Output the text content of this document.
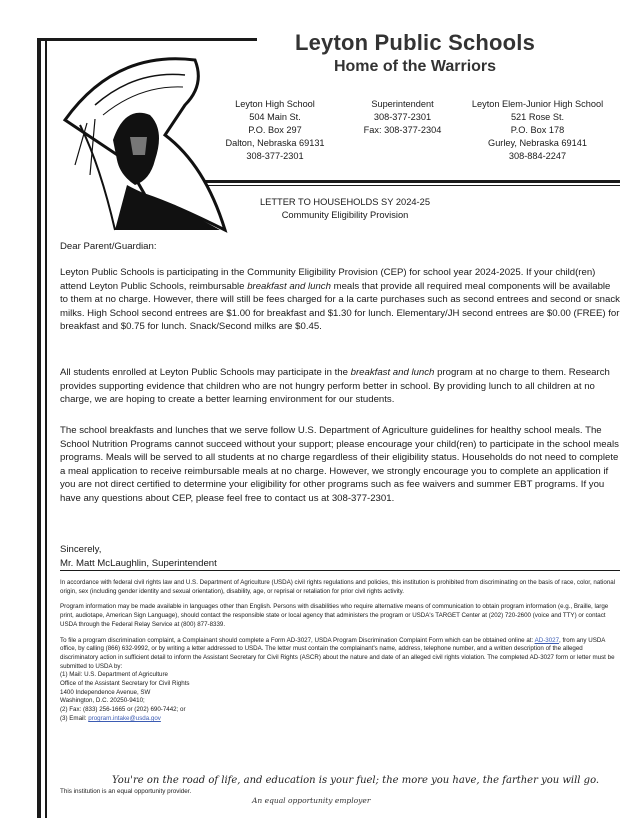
Leyton Public Schools
Home of the Warriors
Leyton High School
504 Main St.
P.O. Box 297
Dalton, Nebraska 69131
308-377-2301
Superintendent
308-377-2301
Fax: 308-377-2304
Leyton Elem-Junior High School
521 Rose St.
P.O. Box 178
Gurley, Nebraska 69141
308-884-2247
LETTER TO HOUSEHOLDS SY 2024-25
Community Eligibility Provision
Dear Parent/Guardian:

Leyton Public Schools is participating in the Community Eligibility Provision (CEP) for school year 2024-2025. If your child(ren) attend Leyton Public Schools, reimbursable breakfast and lunch meals that provide all required meal components will be available to them at no charge. However, there will still be fees charged for a la carte purchases such as second entrees and second or snack milks. High School second entrees are $1.00 for breakfast and $1.30 for lunch. Elementary/JH second entrees are $0.00 (FREE) for breakfast and $0.75 for lunch. Snack/Second milks are $0.45.

All students enrolled at Leyton Public Schools may participate in the breakfast and lunch program at no charge to them. Research provides supporting evidence that children who are not hungry perform better in school. By providing lunch to all children at no charge, we are hoping to create a better learning environment for our students.

The school breakfasts and lunches that we serve follow U.S. Department of Agriculture guidelines for healthy school meals. The School Nutrition Programs cannot succeed without your support; please encourage your child(ren) to participate in the school meals programs. Meals will be served to all students at no charge regardless of their eligibility status. Households do not need to complete a meal application to receive reimbursable meals at no charge. However, we strongly encourage you to complete an application if you are not direct certified to determine your eligibility for other programs such as fee waivers and summer EBT programs. If you have any questions about CEP, please feel free to contact us at 308-377-2301.

Sincerely,
Mr. Matt McLaughlin, Superintendent

In accordance with federal civil rights law and U.S. Department of Agriculture (USDA) civil rights regulations and policies, this institution is prohibited from discriminating on the basis of race, color, national origin, sex (including gender identity and sexual orientation), disability, age, or reprisal or retaliation for prior civil rights activity.

Program information may be made available in languages other than English. Persons with disabilities who require alternative means of communication to obtain program information (e.g., Braille, large print, audiotape, American Sign Language), should contact the responsible state or local agency that administers the program or USDA's TARGET Center at (202) 720-2600 (voice and TTY) or contact USDA through the Federal Relay Service at (800) 877-8339.

To file a program discrimination complaint, a Complainant should complete a Form AD-3027, USDA Program Discrimination Complaint Form which can be obtained online at: AD-3027, from any USDA office, by calling (866) 632-9992, or by writing a letter addressed to USDA. The letter must contain the complainant's name, address, telephone number, and a written description of the alleged discriminatory action in sufficient detail to inform the Assistant Secretary for Civil Rights (ASCR) about the nature and date of an alleged civil rights violation. The completed AD-3027 form or letter must be submitted to USDA by:

(1) Mail: U.S. Department of Agriculture

Office of the Assistant Secretary for Civil Rights

1400 Independence Avenue, SW

Washington, D.C. 20250-9410;

(2) Fax: (833) 256-1665 or (202) 690-7442; or

(3) Email: program.intake@usda.gov

You're on the road of life, and education is your fuel; the more you have, the farther you will go.
This institution is an equal opportunity provider.
An equal opportunity employer
